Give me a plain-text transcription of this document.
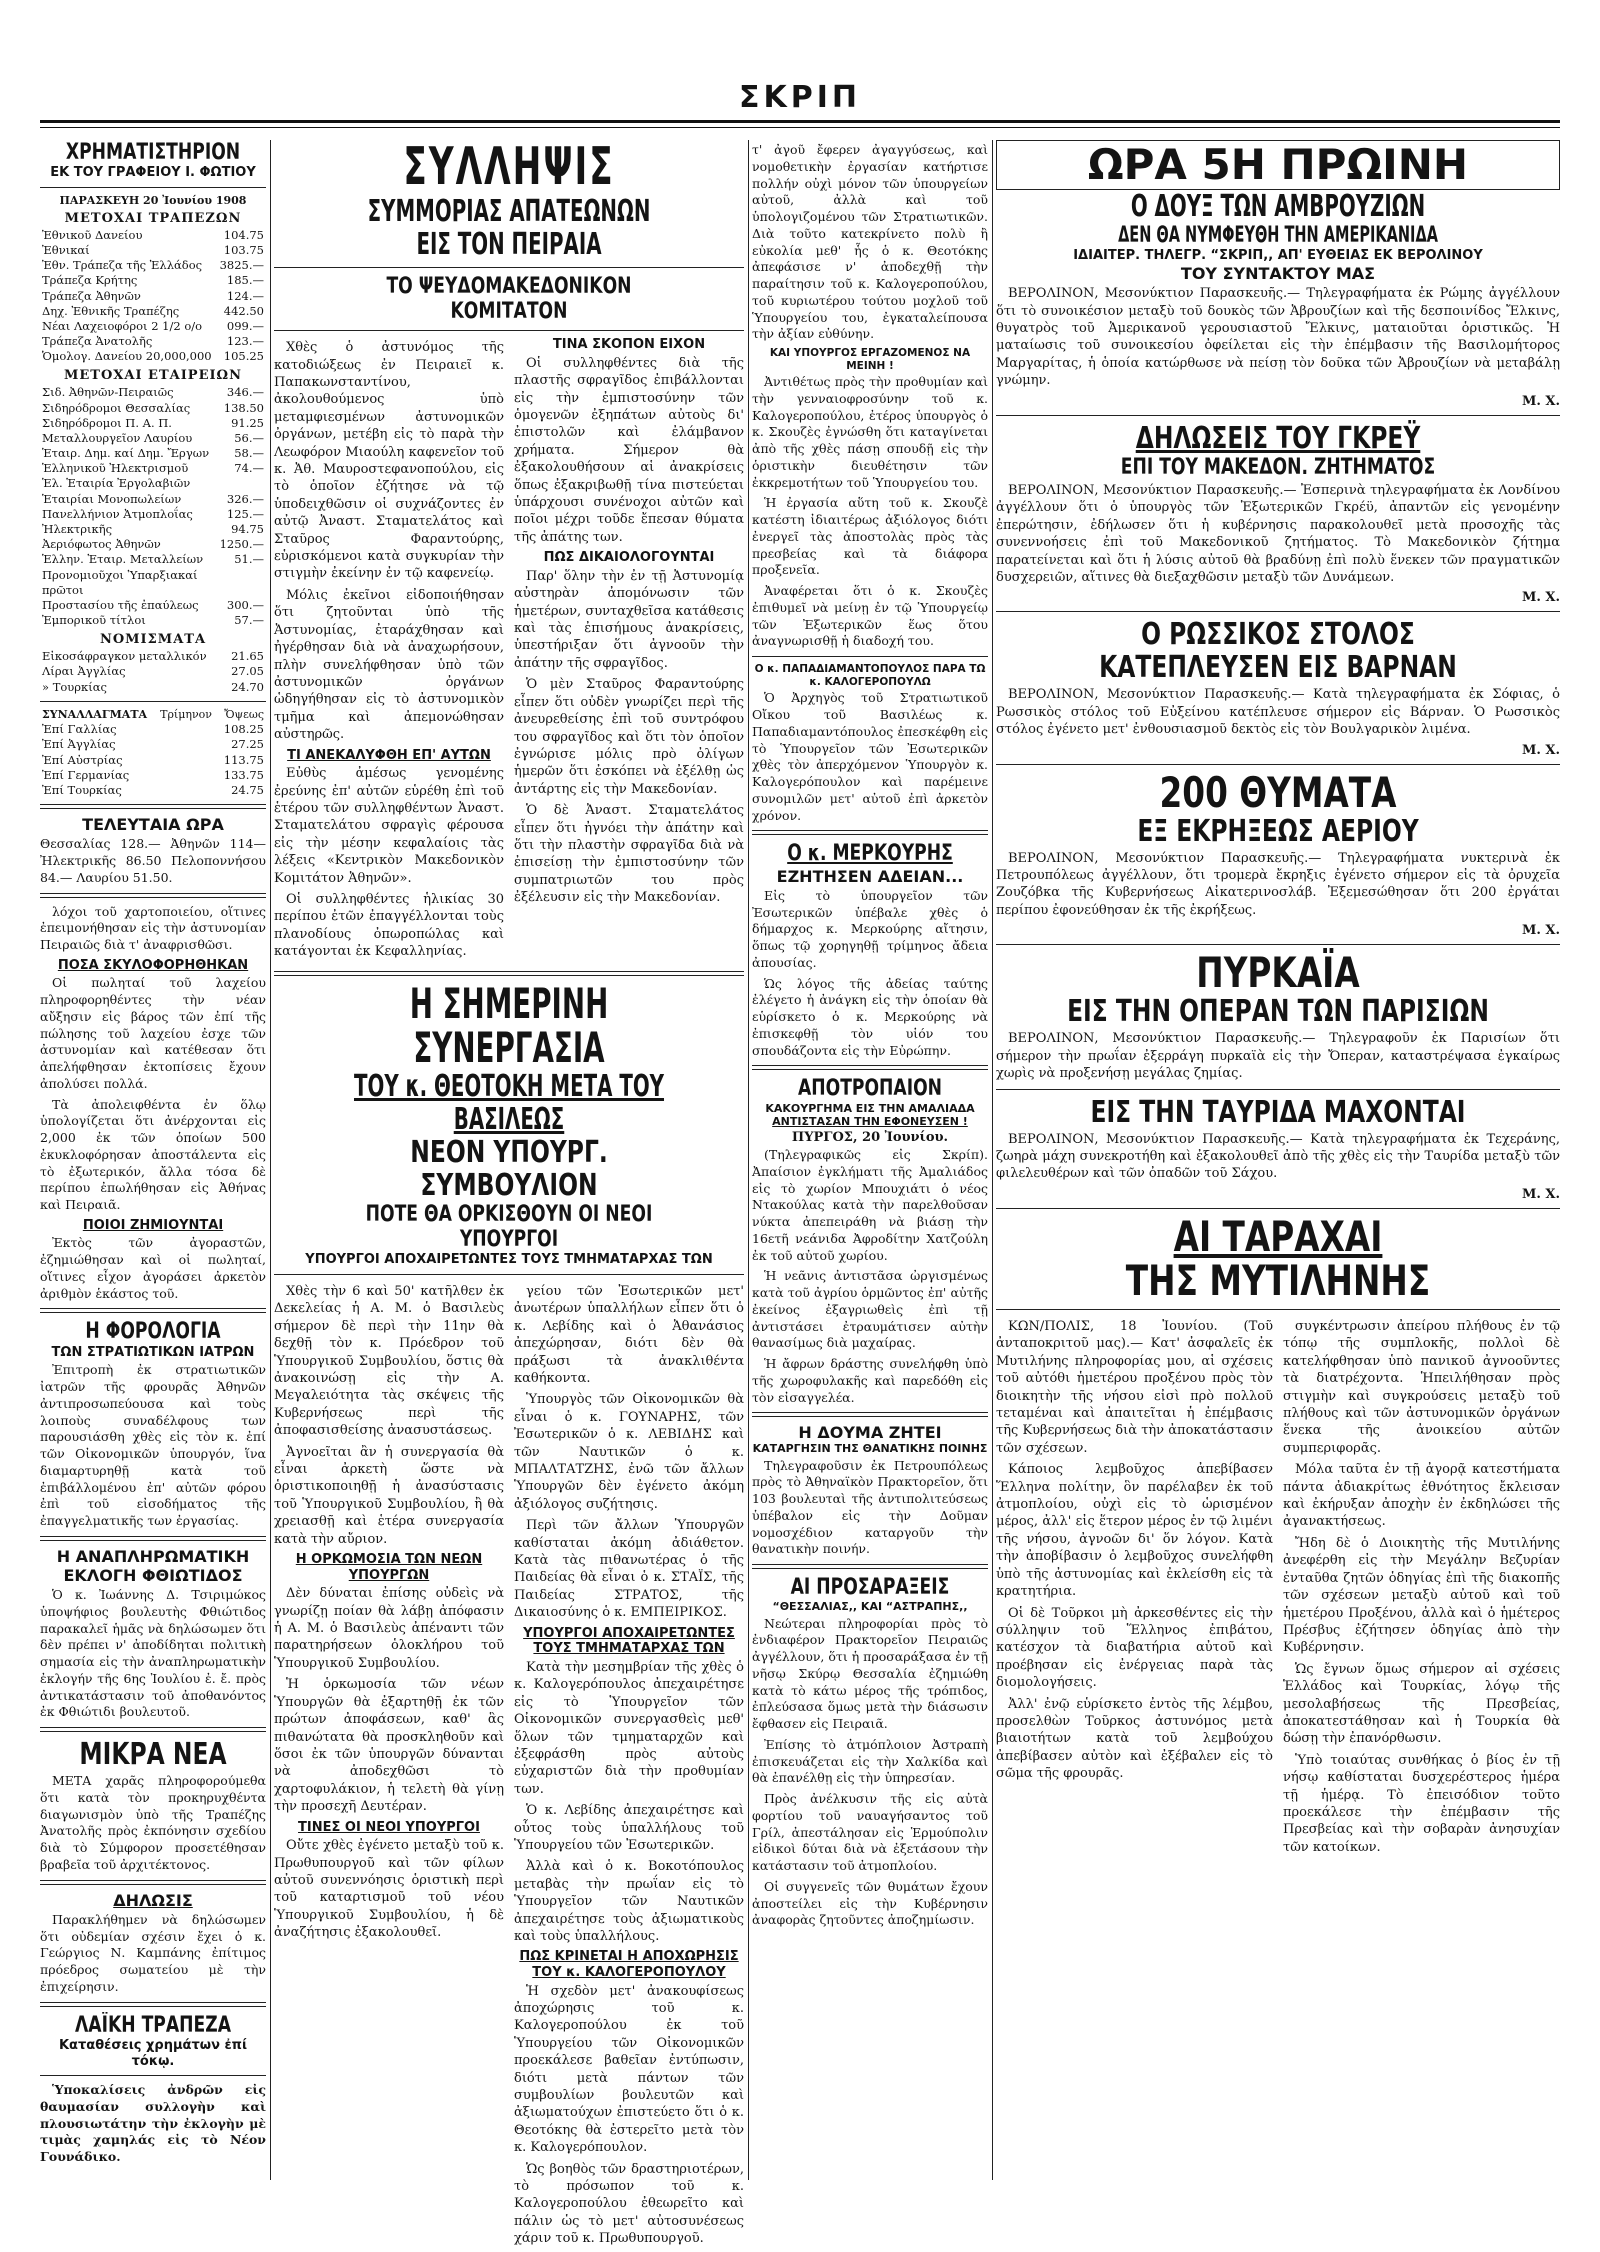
ΣΚΡΙΠ
ΧΡΗΜΑΤΙΣΤΗΡΙΟΝ
ΕΚ ΤΟΥ ΓΡΑΦΕΙΟΥ Ι. ΦΩΤΙΟΥ
ΠΑΡΑΣΚΕΥΗ 20 Ἰουνίου 1908
ΜΕΤΟΧΑΙ ΤΡΑΠΕΖΩΝ
Ἐθνικοῦ Δανείου	104.75
Ἐθνικαί	103.75
Ἐθν. Τράπεζα τῆς Ἑλλάδος	3825.—
Τράπεζα Κρήτης	185.—
Τράπεζα Ἀθηνῶν	124.—
Δηχ. Ἐθνικῆς Τραπέζης	442.50
Νέαι Λαχειοφόροι 2 1/2 ο/ο	099.—
Τράπεζα Ἀνατολῆς	123.—
Ὁμολογ. Δανείου 20,000,000	105.25
ΜΕΤΟΧΑΙ ΕΤΑΙΡΕΙΩΝ
Σιδ. Ἀθηνῶν-Πειραιῶς	346.—
Σιδηρόδρομοι Θεσσαλίας	138.50
Σιδηρόδρομοι Π. Α. Π.	91.25
Μεταλλουργεῖον Λαυρίου	56.—
Ἑταιρ. Δημ. καί Δημ. Ἔργων	58.—
Ἑλληνικοῦ Ἠλεκτρισμοῦ	74.—
Ἑλ. Ἑταιρία Ἐργολαβιῶν	
Ἑταιρίαι Μονοπωλείων	326.—
Πανελλήνιον Ἀτμοπλοΐας	125.—
Ἠλεκτρικῆς	94.75
Ἀεριόφωτος Ἀθηνῶν	1250.—
Ἑλλην. Ἑταιρ. Μεταλλείων	51.—
Προνομιοῦχοι Ὑπαρξιακαί πρῶτοι	
Προστασίου τῆς ἐπαύλεως	300.—
Ἐμπορικοῦ τίτλοι	57.—
ΝΟΜΙΣΜΑΤΑ
Εἰκοσάφραγκον μεταλλικόν	21.65
Λίραι Ἀγγλίας	27.05
» Τουρκίας	24.70
ΣΥΝΑΛΛΑΓΜΑΤΑ	Τρίμηνον	Ὄψεως
Ἐπί Γαλλίας	108.25
Ἐπί Ἀγγλίας	27.25
Ἐπί Αὐστρίας	113.75
Ἐπί Γερμανίας	133.75
Ἐπί Τουρκίας	24.75
ΤΕΛΕΥΤΑΙΑ ΩΡΑ

Θεσσαλίας 128.— Ἀθηνῶν 114— Ἠλεκτρικῆς 86.50 Πελοποννήσου 84.— Λαυρίου 51.50.

λόχοι τοῦ χαρτοποιείου, οἵτινες ἐπειμονήθησαν εἰς τὴν ἀστυνομίαν Πειραιῶς διὰ τ' ἀναφρισθῶσι.

ΠΟΣΑ ΣΚΥΛΟΦΟΡΗΘΗΚΑΝ

Οἱ πωληταί τοῦ λαχείου πληροφορηθέντες τὴν νέαν αὔξησιν εἰς βάρος τῶν ἐπί τῆς πώλησης τοῦ λαχείου ἐσχε τῶν ἀστυνομίαν καὶ κατέθεσαν ὅτι ἀπελήφθησαν ἐκτοπίσεις ἔχουν ἀπολύσει πολλά.

Τὰ ἀπολειφθέντα ἐν ὅλῳ ὑπολογίζεται ὅτι ἀνέρχονται εἰς 2,000 ἐκ τῶν ὁποίων 500 ἐκυκλοφόρησαν ἀποστάλεντα εἰς τὸ ἐξωτερικόν, ἄλλα τόσα δὲ περίπου ἐπωλήθησαν εἰς Ἀθήνας καὶ Πειραιᾶ.

ΠΟΙΟΙ ΖΗΜΙΟΥΝΤΑΙ

Ἐκτὸς τῶν ἀγοραστῶν, ἐζημιώθησαν καὶ οἱ πωληταί, οἵτινες εἶχον ἀγοράσει ἀρκετὸν ἀριθμὸν ἑκάστος τοῦ.

Η ΦΟΡΟΛΟΓΙΑ
ΤΩΝ ΣΤΡΑΤΙΩΤΙΚΩΝ ΙΑΤΡΩΝ

Ἐπιτροπὴ ἐκ στρατιωτικῶν ἰατρῶν τῆς φρουρᾶς Ἀθηνῶν ἀντιπροσωπεύουσα καὶ τοὺς λοιποὺς συναδέλφους των παρουσιάσθη χθὲς εἰς τὸν κ. ἐπί τῶν Οἰκονομικῶν ὑπουργόν, ἵνα διαμαρτυρηθῇ κατὰ τοῦ ἐπιβάλλομένου ἐπ' αὐτῶν φόρου ἐπὶ τοῦ εἰσοδήματος τῆς ἐπαγγελματικῆς των ἐργασίας.

Η ΑΝΑΠΛΗΡΩΜΑΤΙΚΗ
ΕΚΛΟΓΗ ΦΘΙΩΤΙΔΟΣ

Ὁ κ. Ἰωάννης Δ. Τσιριμώκος ὑποψήφιος βουλευτὴς Φθιώτιδος παρακαλεῖ ἡμᾶς νὰ δηλώσωμεν ὅτι δὲν πρέπει ν' ἀποδίδηται πολιτικὴ σημασία εἰς τὴν ἀναπληρωματικὴν ἐκλογήν τῆς 6ης Ἰουλίου ἐ. ἔ. πρὸς ἀντικατάστασιν τοῦ ἀποθανόντος ἐκ Φθιώτιδι βουλευτοῦ.

ΜΙΚΡΑ ΝΕΑ

ΜΕΤΑ χαρᾶς πληροφορούμεθα ὅτι κατὰ τὸν προκηρυχθέντα διαγωνισμὸν ὑπὸ τῆς Τραπέζης Ἀνατολῆς πρὸς ἐκπόνησιν σχεδίου διὰ τὸ Σύμφορον προσετέθησαν βραβεῖα τοῦ ἀρχιτέκτονος.

ΔΗΛΩΣΙΣ

Παρακλήθημεν νὰ δηλώσωμεν ὅτι οὐδεμίαν σχέσιν ἔχει ὁ κ. Γεώργιος Ν. Καμπάνης ἐπίτιμος πρόεδρος σωματείου μὲ τὴν ἐπιχείρησιν.

ΛΑΪΚΗ ΤΡΑΠΕΖΑ
Καταθέσεις χρημάτων ἐπί τόκῳ.

Ὑποκαλίσεις ἀνδρῶν εἰς θαυμασίαν συλλογὴν καὶ πλουσιωτάτην τὴν ἐκλογὴν μὲ τιμὰς χαμηλάς εἰς τὸ Νέον Γουνάδικο.

ΣΥΛΛΗΨΙΣ
ΣΥΜΜΟΡΙΑΣ ΑΠΑΤΕΩΝΩΝ ΕΙΣ ΤΟΝ ΠΕΙΡΑΙΑ
ΤΟ ΨΕΥΔΟΜΑΚΕΔΟΝΙΚΟΝ ΚΟΜΙΤΑΤΟΝ

Χθὲς ὁ ἀστυνόμος τῆς κατοδιώξεως ἐν Πειραιεῖ κ. Παπακωνσταντίνου, ἀκολουθούμενος ὑπὸ μεταμφιεσμένων ἀστυνομικῶν ὀργάνων, μετέβη εἰς τὸ παρὰ τὴν Λεωφόρον Μιαούλη καφενεῖον τοῦ κ. Ἀθ. Μαυροστεφανοπούλου, εἰς τὸ ὁποῖον ἐζήτησε νὰ τῷ ὑποδειχθῶσιν οἱ συχνάζοντες ἐν αὐτῷ Ἀναστ. Σταματελάτος καὶ Σταῦρος Φαραντούρης, εὑρισκόμενοι κατὰ συγκυρίαν τὴν στιγμὴν ἐκείνην ἐν τῷ καφενείῳ.

Μόλις ἐκεῖνοι εἰδοποιήθησαν ὅτι ζητοῦνται ὑπὸ τῆς Ἀστυνομίας, ἐταράχθησαν καὶ ἠγέρθησαν διὰ νὰ ἀναχωρήσουν, πλὴν συνελήφθησαν ὑπὸ τῶν ἀστυνομικῶν ὀργάνων ὡδηγήθησαν εἰς τὸ ἀστυνομικὸν τμῆμα καὶ ἀπεμονώθησαν αὐστηρῶς.

ΤΙ ΑΝΕΚΑΛΥΦΘΗ ΕΠ' ΑΥΤΩΝ

Εὐθὺς ἀμέσως γενομένης ἐρεύνης ἐπ' αὐτῶν εὑρέθη ἐπὶ τοῦ ἑτέρου τῶν συλληφθέντων Ἀναστ. Σταματελάτου σφραγὶς φέρουσα εἰς τὴν μέσην κεφαλαίοις τὰς λέξεις «Κεντρικὸν Μακεδονικὸν Κομιτάτον Ἀθηνῶν».

Οἱ συλληφθέντες ἡλικίας 30 περίπου ἐτῶν ἐπαγγέλλονται τοὺς πλανοδίους ὀπωροπώλας καὶ κατάγονται ἐκ Κεφαλληνίας.

ΤΙΝΑ ΣΚΟΠΟΝ ΕΙΧΟΝ

Οἱ συλληφθέντες διὰ τῆς πλαστῆς σφραγῖδος ἐπιβάλλονται εἰς τὴν ἐμπιστοσύνην τῶν ὁμογενῶν ἐξηπάτων αὐτοὺς δι' ἐπιστολῶν καὶ ἐλάμβανον χρήματα. Σήμερον θὰ ἐξακολουθήσουν αἱ ἀνακρίσεις ὅπως ἐξακριβωθῇ τίνα πιστεύεται ὑπάρχουσι συνένοχοι αὐτῶν καὶ ποῖοι μέχρι τοῦδε ἔπεσαν θύματα τῆς ἀπάτης των.

ΠΩΣ ΔΙΚΑΙΟΛΟΓΟΥΝΤΑΙ

Παρ' ὅλην τὴν ἐν τῇ Ἀστυνομίᾳ αὐστηρὰν ἀπομόνωσιν τῶν ἡμετέρων, συνταχθεῖσα κατάθεσις καὶ τὰς ἐπισήμους ἀνακρίσεις, ὑπεστήριξαν ὅτι ἀγνοοῦν τὴν ἀπάτην τῆς σφραγῖδος.

Ὁ μὲν Σταῦρος Φαραντούρης εἶπεν ὅτι οὐδὲν γνωρίζει περὶ τῆς ἀνευρεθείσης ἐπὶ τοῦ συντρόφου του σφραγῖδος καὶ ὅτι τὸν ὁποῖον ἐγνώρισε μόλις πρὸ ὀλίγων ἡμερῶν ὅτι ἐσκόπει νὰ ἐξέλθῃ ὡς ἀντάρτης εἰς τὴν Μακεδονίαν.

Ὁ δὲ Ἀναστ. Σταματελάτος εἶπεν ὅτι ἠγνόει τὴν ἀπάτην καὶ ὅτι τὴν πλαστὴν σφραγῖδα διὰ νὰ ἐπισείσῃ τὴν ἐμπιστοσύνην τῶν συμπατριωτῶν του πρὸς ἐξέλευσιν εἰς τὴν Μακεδονίαν.

Η ΣΗΜΕΡΙΝΗ ΣΥΝΕΡΓΑΣΙΑ
ΤΟΥ κ. ΘΕΟΤΟΚΗ ΜΕΤΑ ΤΟΥ ΒΑΣΙΛΕΩΣ
ΝΕΟΝ ΥΠΟΥΡΓ. ΣΥΜΒΟΥΛΙΟΝ
ΠΟΤΕ ΘΑ ΟΡΚΙΣΘΟΥΝ ΟΙ ΝΕΟΙ ΥΠΟΥΡΓΟΙ
ΥΠΟΥΡΓΟΙ ΑΠΟΧΑΙΡΕΤΩΝΤΕΣ ΤΟΥΣ ΤΜΗΜΑΤΑΡΧΑΣ ΤΩΝ

Χθὲς τὴν 6 καὶ 50' κατῆλθεν ἐκ Δεκελείας ἡ Α. Μ. ὁ Βασιλεὺς σήμερον δὲ περὶ τὴν 11ην θὰ δεχθῇ τὸν κ. Πρόεδρον τοῦ Ὑπουργικοῦ Συμβουλίου, ὅστις θὰ ἀνακοινώσῃ εἰς τὴν Α. Μεγαλειότητα τὰς σκέψεις τῆς Κυβερνήσεως περὶ τῆς ἀποφασισθείσης ἀνασυστάσεως.

Ἀγνοεῖται ἂν ἡ συνεργασία θὰ εἶναι ἀρκετὴ ὥστε νὰ ὁριστικοποιηθῇ ἡ ἀνασύστασις τοῦ Ὑπουργικοῦ Συμβουλίου, ἢ θὰ χρειασθῇ καὶ ἑτέρα συνεργασία κατὰ τὴν αὔριον.

Η ΟΡΚΩΜΟΣΙΑ ΤΩΝ ΝΕΩΝ ΥΠΟΥΡΓΩΝ

Δὲν δύναται ἐπίσης οὐδεὶς νὰ γνωρίζῃ ποίαν θὰ λάβῃ ἀπόφασιν ἡ Α. Μ. ὁ Βασιλεὺς ἀπέναντι τῶν παρατηρήσεων ὁλοκλήρου τοῦ Ὑπουργικοῦ Συμβουλίου.

Ἡ ὁρκωμοσία τῶν νέων Ὑπουργῶν θὰ ἐξαρτηθῇ ἐκ τῶν πρώτων ἀποφάσεων, καθ' ἃς πιθανώτατα θὰ προσκληθοῦν καὶ ὅσοι ἐκ τῶν ὑπουργῶν δύνανται νὰ ἀποδεχθῶσι τὸ χαρτοφυλάκιον, ἡ τελετὴ θὰ γίνῃ τὴν προσεχῆ Δευτέραν.

ΤΙΝΕΣ ΟΙ ΝΕΟΙ ΥΠΟΥΡΓΟΙ

Οὔτε χθὲς ἐγένετο μεταξὺ τοῦ κ. Πρωθυπουργοῦ καὶ τῶν φίλων αὐτοῦ συνεννόησις ὁριστικὴ περὶ τοῦ καταρτισμοῦ τοῦ νέου Ὑπουργικοῦ Συμβουλίου, ἡ δὲ ἀναζήτησις ἐξακολουθεῖ.

γείου τῶν Ἐσωτερικῶν μετ' ἀνωτέρων ὑπαλλήλων εἶπεν ὅτι ὁ κ. Λεβίδης καὶ ὁ Ἀθανάσιος ἀπεχώρησαν, διότι δὲν θὰ πράξωσι τὰ ἀνακλιθέντα καθήκοντα.

Ὑπουργὸς τῶν Οἰκονομικῶν θὰ εἶναι ὁ κ. ΓΟΥΝΑΡΗΣ, τῶν Ἐσωτερικῶν ὁ κ. ΛΕΒΙΔΗΣ καὶ τῶν Ναυτικῶν ὁ κ. ΜΠΑΛΤΑΤΖΗΣ, ἐνῶ τῶν ἄλλων Ὑπουργῶν δὲν ἐγένετο ἀκόμη ἀξιόλογος συζήτησις.

Περὶ τῶν ἄλλων Ὑπουργῶν καθίσταται ἀκόμη ἀδιάθετον. Κατὰ τὰς πιθανωτέρας ὁ τῆς Παιδείας θὰ εἶναι ὁ κ. ΣΤΑΪΣ, τῆς Παιδείας ΣΤΡΑΤΟΣ, τῆς Δικαιοσύνης ὁ κ. ΕΜΠΕΙΡΙΚΟΣ.

ΥΠΟΥΡΓΟΙ ΑΠΟΧΑΙΡΕΤΩΝΤΕΣ ΤΟΥΣ ΤΜΗΜΑΤΑΡΧΑΣ ΤΩΝ

Κατὰ τὴν μεσημβρίαν τῆς χθὲς ὁ κ. Καλογερόπουλος ἀπεχαιρέτησε εἰς τὸ Ὑπουργεῖον τῶν Οἰκονομικῶν συνεργασθεὶς μεθ' ὅλων τῶν τμηματαρχῶν καὶ ἐξεφράσθη πρὸς αὐτοὺς εὐχαριστῶν διὰ τὴν προθυμίαν των.

Ὁ κ. Λεβίδης ἀπεχαιρέτησε καὶ οὗτος τοὺς ὑπαλλήλους τοῦ Ὑπουργείου τῶν Ἐσωτερικῶν.

Ἀλλὰ καὶ ὁ κ. Βοκοτόπουλος μεταβὰς τὴν πρωΐαν εἰς τὸ Ὑπουργεῖον τῶν Ναυτικῶν ἀπεχαιρέτησε τοὺς ἀξιωματικοὺς καὶ τοὺς ὑπαλλήλους.

ΠΩΣ ΚΡΙΝΕΤΑΙ Η ΑΠΟΧΩΡΗΣΙΣ ΤΟΥ κ. ΚΑΛΟΓΕΡΟΠΟΥΛΟΥ

Ἡ σχεδὸν μετ' ἀνακουφίσεως ἀποχώρησις τοῦ κ. Καλογεροπούλου ἐκ τοῦ Ὑπουργείου τῶν Οἰκονομικῶν προεκάλεσε βαθεῖαν ἐντύπωσιν, διότι μετὰ πάντων τῶν συμβουλίων βουλευτῶν καὶ ἀξιωματούχων ἐπιστεύετο ὅτι ὁ κ. Θεοτόκης θὰ ἐστερεῖτο μετὰ τὸν κ. Καλογερόπουλον.

Ὡς βοηθὸς τῶν δραστηριοτέρων, τὸ πρόσωπον τοῦ κ. Καλογεροπούλου ἐθεωρεῖτο καὶ πάλιν ὡς τὸ μετ' αὐτοσυνέσεως χάριν τοῦ κ. Πρωθυπουργοῦ.

τ' ἀγοῦ ἔφερεν ἀγαγγύσεως, καὶ νομοθετικὴν ἐργασίαν κατήρτισε πολλήν οὐχὶ μόνον τῶν ὑπουργείων αὐτοῦ, ἀλλὰ καὶ τοῦ ὑπολογιζομένου τῶν Στρατιωτικῶν. Διὰ τοῦτο κατεκρίνετο πολὺ ἢ εὐκολία μεθ' ἧς ὁ κ. Θεοτόκης ἀπεφάσισε ν' ἀποδεχθῇ τὴν παραίτησιν τοῦ κ. Καλογεροπούλου, τοῦ κυριωτέρου τούτου μοχλοῦ τοῦ Ὑπουργείου του, ἐγκαταλείπουσα τὴν ἀξίαν εὐθύνην.

ΚΑΙ ΥΠΟΥΡΓΟΣ ΕΡΓΑΖΟΜΕΝΟΣ ΝΑ ΜΕΙΝΗ !

Ἀντιθέτως πρὸς τὴν προθυμίαν καὶ τὴν γενναιοφροσύνην τοῦ κ. Καλογεροπούλου, ἐτέρος ὑπουργὸς ὁ κ. Σκουζὲς ἐγνώσθη ὅτι καταγίνεται ἀπὸ τῆς χθὲς πάσῃ σπουδῇ εἰς τὴν ὁριστικὴν διευθέτησιν τῶν ἐκκρεμοτήτων τοῦ Ὑπουργείου του.

Ἡ ἐργασία αὕτη τοῦ κ. Σκουζὲ κατέστη ἰδιαιτέρως ἀξιόλογος διότι ἐνεργεῖ τὰς ἀποστολὰς πρὸς τὰς πρεσβείας καὶ τὰ διάφορα προξενεῖα.

Ἀναφέρεται ὅτι ὁ κ. Σκουζὲς ἐπιθυμεῖ νὰ μείνῃ ἐν τῷ Ὑπουργείῳ τῶν Ἐξωτερικῶν ἕως ὅτου ἀναγνωρισθῇ ἡ διαδοχή του.

Ο κ. ΠΑΠΑΔΙΑΜΑΝΤΟΠΟΥΛΟΣ ΠΑΡΑ ΤΩ κ. ΚΑΛΟΓΕΡΟΠΟΥΛΩ

Ὁ Ἀρχηγὸς τοῦ Στρατιωτικοῦ Οἴκου τοῦ Βασιλέως κ. Παπαδιαμαντόπουλος ἐπεσκέφθη εἰς τὸ Ὑπουργεῖον τῶν Ἐσωτερικῶν χθὲς τὸν ἀπερχόμενον Ὑπουργὸν κ. Καλογερόπουλον καὶ παρέμεινε συνομιλῶν μετ' αὐτοῦ ἐπὶ ἀρκετὸν χρόνον.

Ο κ. ΜΕΡΚΟΥΡΗΣ
ΕΖΗΤΗΣΕΝ ΑΔΕΙΑΝ...

Εἰς τὸ ὑπουργεῖον τῶν Ἐσωτερικῶν ὑπέβαλε χθὲς ὁ δήμαρχος κ. Μερκούρης αἴτησιν, ὅπως τῷ χορηγηθῇ τρίμηνος ἄδεια ἀπουσίας.

Ὡς λόγος τῆς ἀδείας ταύτης ἐλέγετο ἡ ἀνάγκη εἰς τὴν ὁποίαν θὰ εὑρίσκετο ὁ κ. Μερκούρης νὰ ἐπισκεφθῇ τὸν υἱόν του σπουδάζοντα εἰς τὴν Εὐρώπην.

ΑΠΟΤΡΟΠΑΙΟΝ
ΚΑΚΟΥΡΓΗΜΑ ΕΙΣ ΤΗΝ ΑΜΑΛΙΑΔΑ
ΑΝΤΙΣΤΑΣΑΝ ΤΗΝ ΕΦΟΝΕΥΣΕΝ !
ΠΥΡΓΟΣ, 20 Ἰουνίου.

(Τηλεγραφικῶς εἰς Σκρίπ). Ἀπαίσιον ἐγκλήματι τῆς Ἀμαλιάδος εἰς τὸ χωρίον Μπουχιάτι ὁ νέος Ντακούλας κατὰ τὴν παρελθοῦσαν νύκτα ἀπεπειράθη νὰ βιάσῃ τὴν 16ετῆ νεάνιδα Ἀφροδίτην Χατζούλη ἐκ τοῦ αὐτοῦ χωρίου.

Ἡ νεᾶνις ἀντιστᾶσα ὠργισμένως κατὰ τοῦ ἀγρίου ὁρμῶντος ἐπ' αὐτῆς ἐκείνος ἐξαγριωθεὶς ἐπὶ τῇ ἀντιστάσει ἐτραυμάτισεν αὐτὴν θανασίμως διὰ μαχαίρας.

Ἡ ἄφρων δράστης συνελήφθη ὑπὸ τῆς χωροφυλακῆς καὶ παρεδόθη εἰς τὸν εἰσαγγελέα.

Η ΔΟΥΜΑ ΖΗΤΕΙ
ΚΑΤΑΡΓΗΣΙΝ ΤΗΣ ΘΑΝΑΤΙΚΗΣ ΠΟΙΝΗΣ

Τηλεγραφοῦσιν ἐκ Πετρουπόλεως πρὸς τὸ Ἀθηναϊκὸν Πρακτορεῖον, ὅτι 103 βουλευταὶ τῆς ἀντιπολιτεύσεως ὑπέβαλον εἰς τὴν Δοῦμαν νομοσχέδιον καταργοῦν τὴν θανατικὴν ποινήν.

ΑΙ ΠΡΟΣΑΡΑΞΕΙΣ
“ΘΕΣΣΑΛΙΑΣ,, ΚΑΙ “ΑΣΤΡΑΠΗΣ,,

Νεώτεραι πληροφορίαι πρὸς τὸ ἐνδιαφέρον Πρακτορεῖον Πειραιῶς ἀγγέλλουν, ὅτι ἡ προσαράξασα ἐν τῇ νῆσῳ Σκύρῳ Θεσσαλία ἐζημιώθη κατὰ τὸ κάτω μέρος τῆς τρόπιδος, ἐπλεύσασα ὅμως μετὰ τὴν διάσωσιν ἔφθασεν εἰς Πειραιᾶ.

Ἐπίσης τὸ ἀτμόπλοιον Ἀστραπὴ ἐπισκευάζεται εἰς τὴν Χαλκίδα καὶ θὰ ἐπανέλθῃ εἰς τὴν ὑπηρεσίαν.

Πρὸς ἀνέλκυσιν τῆς εἰς αὐτὰ φορτίου τοῦ ναυαγήσαντος τοῦ Γρίλ, ἀπεστάλησαν εἰς Ἑρμούπολιν εἰδικοὶ δύται διὰ νὰ ἐξετάσουν τὴν κατάστασιν τοῦ ἀτμοπλοίου.

Οἱ συγγενεῖς τῶν θυμάτων ἔχουν ἀποστείλει εἰς τὴν Κυβέρνησιν ἀναφορὰς ζητοῦντες ἀποζημίωσιν.

ΩΡΑ 5Η ΠΡΩΙΝΗ
Ο ΔΟΥΞ ΤΩΝ ΑΜΒΡΟΥΖΙΩΝ
ΔΕΝ ΘΑ ΝΥΜΦΕΥΘΗ ΤΗΝ ΑΜΕΡΙΚΑΝΙΔΑ
ΙΔΙΑΙΤΕΡ. ΤΗΛΕΓΡ. “ΣΚΡΙΠ,, ΑΠ' ΕΥΘΕΙΑΣ ΕΚ ΒΕΡΟΛΙΝΟΥ
ΤΟΥ ΣΥΝΤΑΚΤΟΥ ΜΑΣ

ΒΕΡΟΛΙΝΟΝ, Μεσονύκτιον Παρασκευῆς.— Τηλεγραφήματα ἐκ Ρώμης ἀγγέλλουν ὅτι τὸ συνοικέσιον μεταξὺ τοῦ δουκὸς τῶν Ἀβρουζίων καὶ τῆς δεσποινίδος Ἔλκινς, θυγατρὸς τοῦ Ἀμερικανοῦ γερουσιαστοῦ Ἔλκινς, ματαιοῦται ὁριστικῶς. Ἡ ματαίωσις τοῦ συνοικεσίου ὀφείλεται εἰς τὴν ἐπέμβασιν τῆς Βασιλομήτορος Μαργαρίτας, ἡ ὁποία κατώρθωσε νὰ πείσῃ τὸν δοῦκα τῶν Ἀβρουζίων νὰ μεταβάλῃ γνώμην.

Μ. Χ.
ΔΗΛΩΣΕΙΣ ΤΟΥ ΓΚΡΕΫ
ΕΠΙ ΤΟΥ ΜΑΚΕΔΟΝ. ΖΗΤΗΜΑΤΟΣ

ΒΕΡΟΛΙΝΟΝ, Μεσονύκτιον Παρασκευῆς.— Ἐσπερινὰ τηλεγραφήματα ἐκ Λονδίνου ἀγγέλλουν ὅτι ὁ ὑπουργὸς τῶν Ἐξωτερικῶν Γκρέϋ, ἀπαντῶν εἰς γενομένην ἐπερώτησιν, ἐδήλωσεν ὅτι ἡ κυβέρνησις παρακολουθεῖ μετὰ προσοχῆς τὰς συνεννοήσεις ἐπὶ τοῦ Μακεδονικοῦ ζητήματος. Τὸ Μακεδονικὸν ζήτημα παρατείνεται καὶ ὅτι ἡ λύσις αὐτοῦ θὰ βραδύνῃ ἐπὶ πολὺ ἕνεκεν τῶν πραγματικῶν δυσχερειῶν, αἵτινες θὰ διεξαχθῶσιν μεταξὺ τῶν Δυνάμεων.

Μ. Χ.
Ο ΡΩΣΣΙΚΟΣ ΣΤΟΛΟΣ
ΚΑΤΕΠΛΕΥΣΕΝ ΕΙΣ ΒΑΡΝΑΝ

ΒΕΡΟΛΙΝΟΝ, Μεσονύκτιον Παρασκευῆς.— Κατὰ τηλεγραφήματα ἐκ Σόφιας, ὁ Ρωσσικὸς στόλος τοῦ Εὐξείνου κατέπλευσε σήμερον εἰς Βάρναν. Ὁ Ρωσσικὸς στόλος ἐγένετο μετ' ἐνθουσιασμοῦ δεκτὸς εἰς τὸν Βουλγαρικὸν λιμένα.

Μ. Χ.
200 ΘΥΜΑΤΑ
ΕΞ ΕΚΡΗΞΕΩΣ ΑΕΡΙΟΥ

ΒΕΡΟΛΙΝΟΝ, Μεσονύκτιον Παρασκευῆς.— Τηλεγραφήματα νυκτερινὰ ἐκ Πετρουπόλεως ἀγγέλλουν, ὅτι τρομερὰ ἔκρηξις ἐγένετο σήμερον εἰς τὰ ὀρυχεῖα Ζουζόβκα τῆς Κυβερνήσεως Αἰκατερινοσλάβ. Ἐξεμεσώθησαν ὅτι 200 ἐργάται περίπου ἐφονεύθησαν ἐκ τῆς ἐκρήξεως.

Μ. Χ.
ΠΥΡΚΑΪΑ
ΕΙΣ ΤΗΝ ΟΠΕΡΑΝ ΤΩΝ ΠΑΡΙΣΙΩΝ

ΒΕΡΟΛΙΝΟΝ, Μεσονύκτιον Παρασκευῆς.— Τηλεγραφοῦν ἐκ Παρισίων ὅτι σήμερον τὴν πρωΐαν ἐξερράγη πυρκαϊὰ εἰς τὴν Ὄπεραν, καταστρέψασα ἐγκαίρως χωρὶς νὰ προξενήσῃ μεγάλας ζημίας.

ΕΙΣ ΤΗΝ ΤΑΥΡΙΔΑ ΜΑΧΟΝΤΑΙ

ΒΕΡΟΛΙΝΟΝ, Μεσονύκτιον Παρασκευῆς.— Κατὰ τηλεγραφήματα ἐκ Τεχεράνης, ζωηρὰ μάχη συνεκροτήθη καὶ ἐξακολουθεῖ ἀπὸ τῆς χθὲς εἰς τὴν Ταυρίδα μεταξὺ τῶν φιλελευθέρων καὶ τῶν ὀπαδῶν τοῦ Σάχου.

Μ. Χ.
ΑΙ ΤΑΡΑΧΑΙ
ΤΗΣ ΜΥΤΙΛΗΝΗΣ

ΚΩΝ/ΠΟΛΙΣ, 18 Ἰουνίου. (Τοῦ ἀνταποκριτοῦ μας).— Κατ' ἀσφαλεῖς ἐκ Μυτιλήνης πληροφορίας μου, αἱ σχέσεις τοῦ αὐτόθι ἡμετέρου προξένου πρὸς τὸν διοικητὴν τῆς νήσου εἰσὶ πρὸ πολλοῦ τεταμέναι καὶ ἀπαιτεῖται ἡ ἐπέμβασις τῆς Κυβερνήσεως διὰ τὴν ἀποκατάστασιν τῶν σχέσεων.

Κάποιος λεμβοῦχος ἀπεβίβασεν Ἕλληνα πολίτην, ὃν παρέλαβεν ἐκ τοῦ ἀτμοπλοίου, οὐχὶ εἰς τὸ ὡρισμένον μέρος, ἀλλ' εἰς ἕτερον μέρος ἐν τῷ λιμένι τῆς νήσου, ἀγνοῶν δι' ὅν λόγον. Κατὰ τὴν ἀποβίβασιν ὁ λεμβοῦχος συνελήφθη ὑπὸ τῆς ἀστυνομίας καὶ ἐκλείσθη εἰς τὰ κρατητήρια.

Οἱ δὲ Τοῦρκοι μὴ ἀρκεσθέντες εἰς τὴν σύλληψιν τοῦ Ἕλληνος ἐπιβάτου, κατέσχον τὰ διαβατήρια αὐτοῦ καὶ προέβησαν εἰς ἐνέργειας παρὰ τὰς διομολογήσεις.

Ἀλλ' ἐνῷ εὑρίσκετο ἐντὸς τῆς λέμβου, προσελθὼν Τοῦρκος ἀστυνόμος μετὰ βιαιοτήτων κατὰ τοῦ λεμβούχου ἀπεβίβασεν αὐτὸν καὶ ἐξέβαλεν εἰς τὸ σῶμα τῆς φρουρᾶς.

συγκέντρωσιν ἀπείρου πλήθους ἐν τῷ τόπῳ τῆς συμπλοκῆς, πολλοὶ δὲ κατελήφθησαν ὑπὸ πανικοῦ ἀγνοοῦντες τὰ διατρέχοντα. Ἡπειλήθησαν πρὸς στιγμὴν καὶ συγκρούσεις μεταξὺ τοῦ πλήθους καὶ τῶν ἀστυνομικῶν ὀργάνων ἕνεκα τῆς ἀνοικείου αὐτῶν συμπεριφορᾶς.

Μόλα ταῦτα ἐν τῇ ἀγορᾷ κατεστήματα πάντα ἀδιακρίτως ἐθνότητος ἔκλεισαν καὶ ἐκήρυξαν ἀποχὴν ἐν ἐκδηλώσει τῆς ἀγανακτήσεως.

Ἤδη δὲ ὁ Διοικητὴς τῆς Μυτιλήνης ἀνεφέρθη εἰς τὴν Μεγάλην Βεζυρίαν ἐνταῦθα ζητῶν ὁδηγίας ἐπὶ τῆς διακοπῆς τῶν σχέσεων μεταξὺ αὐτοῦ καὶ τοῦ ἡμετέρου Προξένου, ἀλλὰ καὶ ὁ ἡμέτερος Πρέσβυς ἐζήτησεν ὁδηγίας ἀπὸ τὴν Κυβέρνησιν.

Ὡς ἔγνων ὅμως σήμερον αἱ σχέσεις Ἑλλάδος καὶ Τουρκίας, λόγῳ τῆς μεσολαβήσεως τῆς Πρεσβείας, ἀποκατεστάθησαν καὶ ἡ Τουρκία θὰ δώσῃ τὴν ἐπανόρθωσιν.

Ὑπὸ τοιαύτας συνθήκας ὁ βίος ἐν τῇ νήσῳ καθίσταται δυσχερέστερος ἡμέρα τῇ ἡμέρᾳ. Τὸ ἐπεισόδιον τοῦτο προεκάλεσε τὴν ἐπέμβασιν τῆς Πρεσβείας καὶ τὴν σοβαρὰν ἀνησυχίαν τῶν κατοίκων.
